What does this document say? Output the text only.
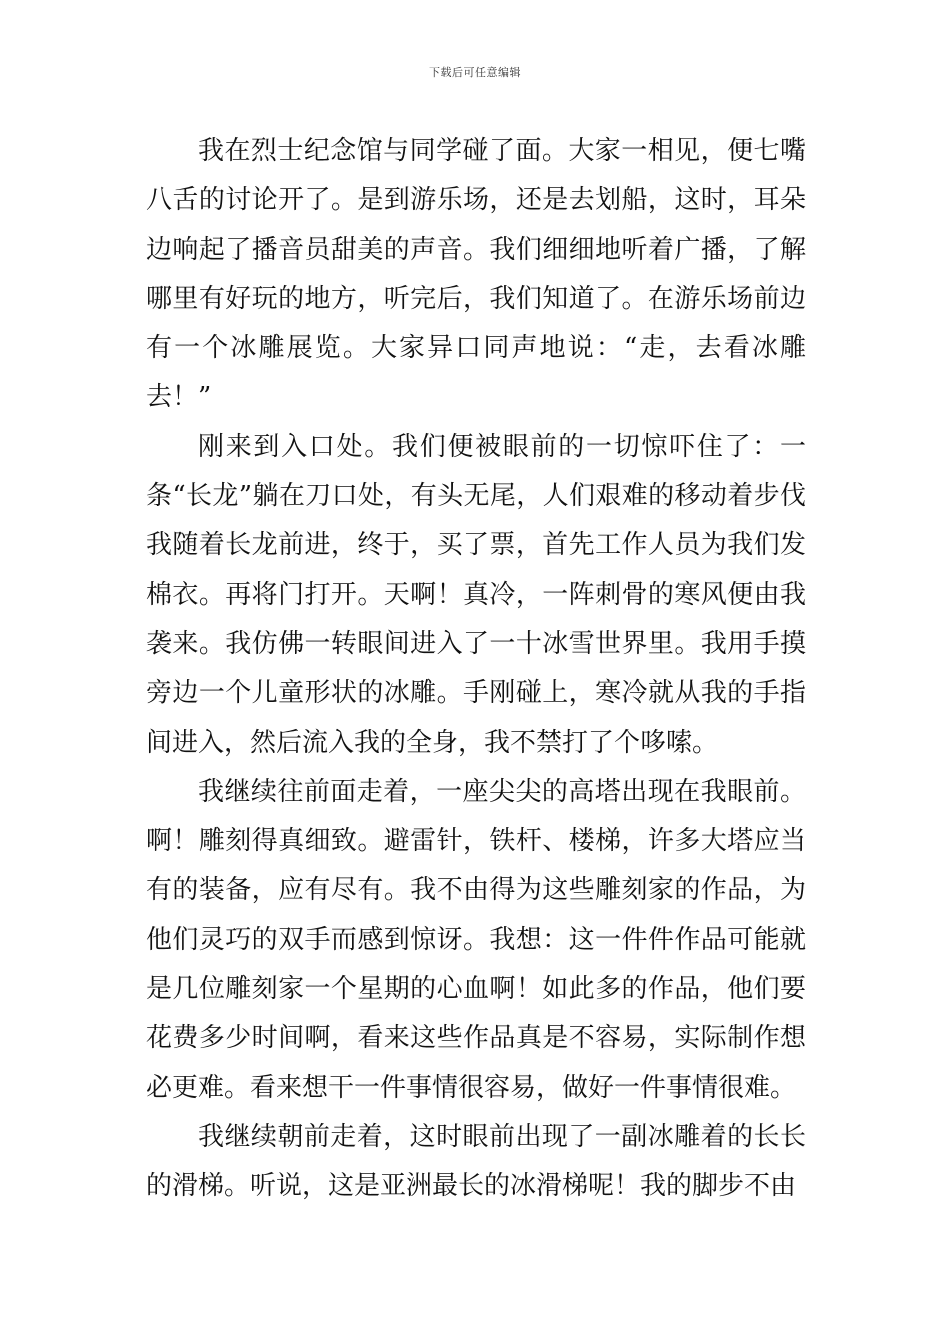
下载后可任意编辑

我在烈士纪念馆与同学碰了面。大家一相见，便七嘴八舌的讨论开了。是到游乐场，还是去划船，这时，耳朵边响起了播音员甜美的声音。我们细细地听着广播，了解哪里有好玩的地方，听完后，我们知道了。在游乐场前边有一个冰雕展览。大家异口同声地说：“走，去看冰雕去！”

刚来到入口处。我们便被眼前的一切惊吓住了：一条“长龙”躺在刀口处，有头无尾，人们艰难的移动着步伐我随着长龙前进，终于，买了票，首先工作人员为我们发棉衣。再将门打开。天啊！真冷，一阵刺骨的寒风便由我袭来。我仿佛一转眼间进入了一十冰雪世界里。我用手摸旁边一个儿童形状的冰雕。手刚碰上，寒冷就从我的手指间进入，然后流入我的全身，我不禁打了个哆嗦。

我继续往前面走着，一座尖尖的高塔出现在我眼前。啊！雕刻得真细致。避雷针，铁杆、楼梯，许多大塔应当有的装备，应有尽有。我不由得为这些雕刻家的作品，为他们灵巧的双手而感到惊讶。我想：这一件件作品可能就是几位雕刻家一个星期的心血啊！如此多的作品，他们要花费多少时间啊，看来这些作品真是不容易，实际制作想必更难。看来想干一件事情很容易，做好一件事情很难。

我继续朝前走着，这时眼前出现了一副冰雕着的长长的滑梯。听说，这是亚洲最长的冰滑梯呢！我的脚步不由
